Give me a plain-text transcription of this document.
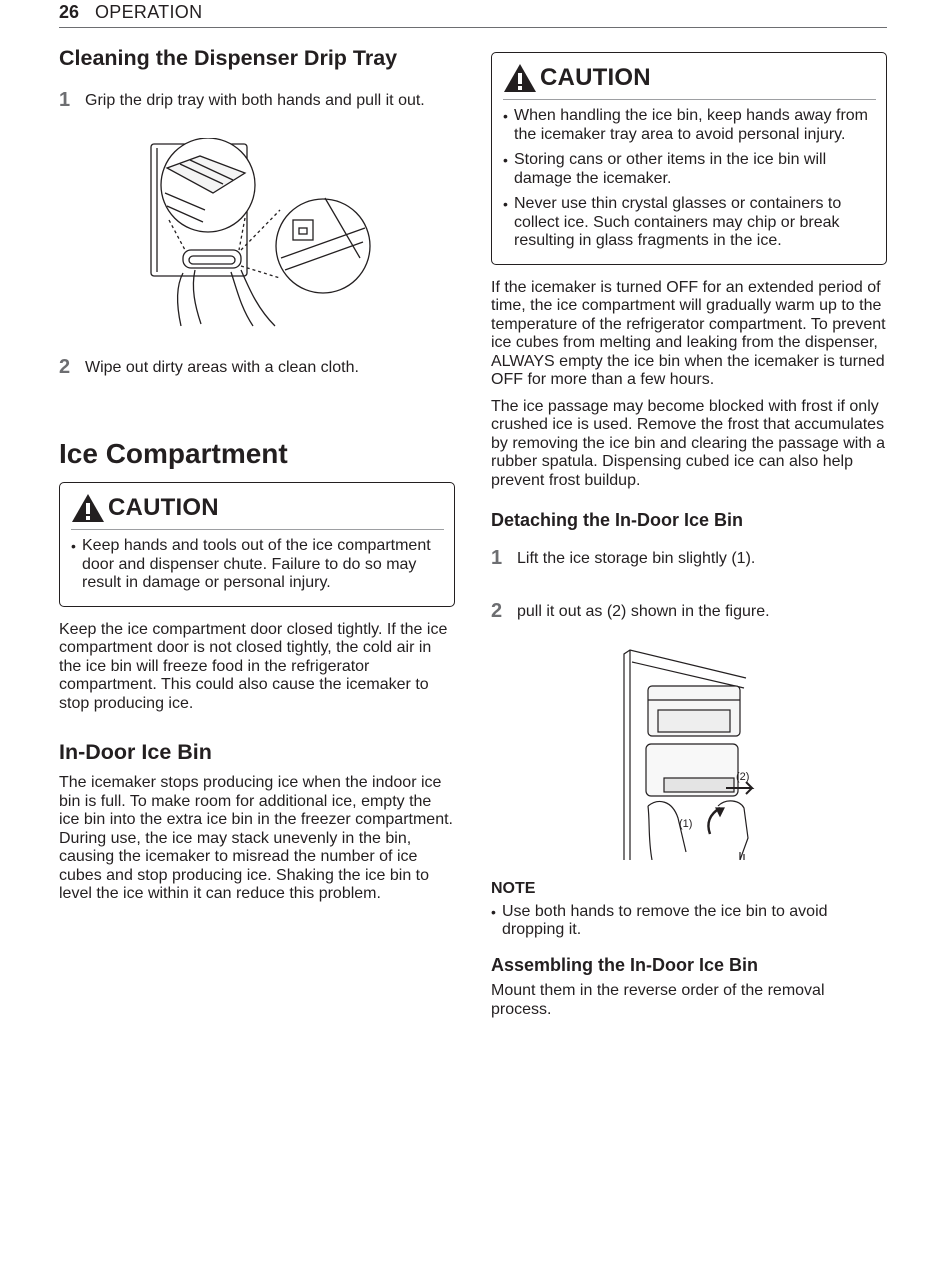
26 OPERATION
Cleaning the Dispenser Drip Tray
1 Grip the drip tray with both hands and pull it out.
2 Wipe out dirty areas with a clean cloth.
Ice Compartment
CAUTION
• Keep hands and tools out of the ice compartment door and dispenser chute. Failure to do so may result in damage or personal injury.

Keep the ice compartment door closed tightly. If the ice compartment door is not closed tightly, the cold air in the ice bin will freeze food in the refrigerator compartment. This could also cause the icemaker to stop producing ice.

In-Door Ice Bin

The icemaker stops producing ice when the indoor ice bin is full. To make room for additional ice, empty the ice bin into the extra ice bin in the freezer compartment. During use, the ice may stack unevenly in the bin, causing the icemaker to misread the number of ice cubes and stop producing ice. Shaking the ice bin to level the ice within it can reduce this problem.

CAUTION
• When handling the ice bin, keep hands away from the icemaker tray area to avoid personal injury.
• Storing cans or other items in the ice bin will damage the icemaker.
• Never use thin crystal glasses or containers to collect ice. Such containers may chip or break resulting in glass fragments in the ice.

If the icemaker is turned OFF for an extended period of time, the ice compartment will gradually warm up to the temperature of the refrigerator compartment. To prevent ice cubes from melting and leaking from the dispenser, ALWAYS empty the ice bin when the icemaker is turned OFF for more than a few hours.

The ice passage may become blocked with frost if only crushed ice is used. Remove the frost that accumulates by removing the ice bin and clearing the passage with a rubber spatula. Dispensing cubed ice can also help prevent frost buildup.

Detaching the In-Door Ice Bin
1 Lift the ice storage bin slightly (1).
2 pull it out as (2) shown in the figure.
(2)
(1)
NOTE
• Use both hands to remove the ice bin to avoid dropping it.
Assembling the In-Door Ice Bin

Mount them in the reverse order of the removal process.
